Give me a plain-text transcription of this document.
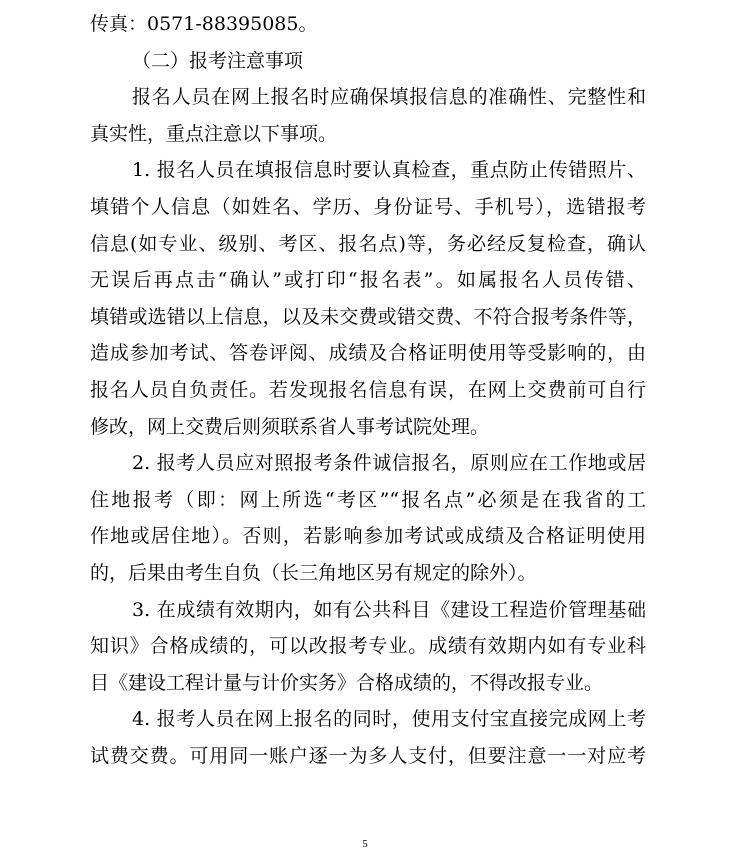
传真：0571-88395085。
（二）报考注意事项
报名人员在网上报名时应确保填报信息的准确性、完整性和
真实性，重点注意以下事项。
1. 报名人员在填报信息时要认真检查，重点防止传错照片、
填错个人信息（如姓名、学历、身份证号、手机号），选错报考
信息(如专业、级别、考区、报名点)等，务必经反复检查，确认
无误后再点击“确认”或打印“报名表”。如属报名人员传错、
填错或选错以上信息，以及未交费或错交费、不符合报考条件等，
造成参加考试、答卷评阅、成绩及合格证明使用等受影响的，由
报名人员自负责任。若发现报名信息有误，在网上交费前可自行
修改，网上交费后则须联系省人事考试院处理。
2. 报考人员应对照报考条件诚信报名，原则应在工作地或居
住地报考（即：网上所选“考区”“报名点”必须是在我省的工
作地或居住地）。否则，若影响参加考试或成绩及合格证明使用
的，后果由考生自负（长三角地区另有规定的除外）。
3. 在成绩有效期内，如有公共科目《建设工程造价管理基础
知识》合格成绩的，可以改报考专业。成绩有效期内如有专业科
目《建设工程计量与计价实务》合格成绩的，不得改报专业。
4. 报考人员在网上报名的同时，使用支付宝直接完成网上考
试费交费。可用同一账户逐一为多人支付，但要注意一一对应考
5
